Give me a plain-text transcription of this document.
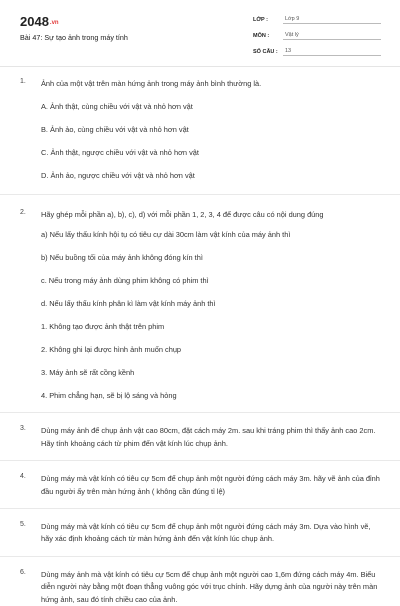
$2048^{.vn}$
Bài 47: Sự tạo ảnh trong máy tính
LỚP :	Lớp 9
MÔN :	Vật lý
SỐ CÂU :	13
1. Ảnh của một vật trên màn hứng ảnh trong máy ảnh bình thường là.
A. Ảnh thật, cùng chiều với vật và nhỏ hơn vật
B. Ảnh ảo, cùng chiều với vật và nhỏ hơn vật
C. Ảnh thật, ngược chiều với vật và nhỏ hơn vật
D. Ảnh ảo, ngược chiều với vật và nhỏ hơn vật
2. Hãy ghép mỗi phần a), b), c), d) với mỗi phần 1, 2, 3, 4 để được câu có nội dung đúng
a) Nếu lấy thấu kính hội tụ có tiêu cự dài 30cm làm vật kính của máy ảnh thì
b) Nếu buồng tối của máy ảnh không đóng kín thì
c. Nếu trong máy ảnh dùng phim không có phim thì
d. Nếu lấy thấu kính phân kì làm vật kính máy ảnh thì
1. Không tạo được ảnh thật trên phim
2. Không ghi lại được hình ảnh muốn chụp
3. Máy ảnh sẽ rất cồng kềnh
4. Phim chẳng hạn, sẽ bị lộ sáng và hỏng
3. Dùng máy ảnh để chụp ảnh vật cao 80cm, đặt cách máy 2m. sau khi tráng phim thì thấy ảnh cao 2cm. Hãy tính khoảng cách từ phim đến vật kính lúc chụp ảnh.
4. Dùng máy mà vật kính có tiêu cự 5cm để chụp ảnh một người đứng cách máy 3m. hãy vẽ ảnh của đỉnh đầu người ấy trên màn hứng ảnh ( không cần đúng tỉ lệ)
5. Dùng máy mà vật kính có tiêu cự 5cm để chụp ảnh một người đứng cách máy 3m. Dựa vào hình vẽ, hãy xác định khoảng cách từ màn hứng ảnh đến vật kính lúc chụp ảnh.
6. Dùng máy ảnh mà vật kính có tiêu cự 5cm để chụp ảnh một người cao 1,6m đứng cách máy 4m. Biểu diễn người này bằng một đoạn thẳng vuông góc với trục chính. Hãy dựng ảnh của người này trên màn hứng ảnh, sau đó tính chiều cao của ảnh.
